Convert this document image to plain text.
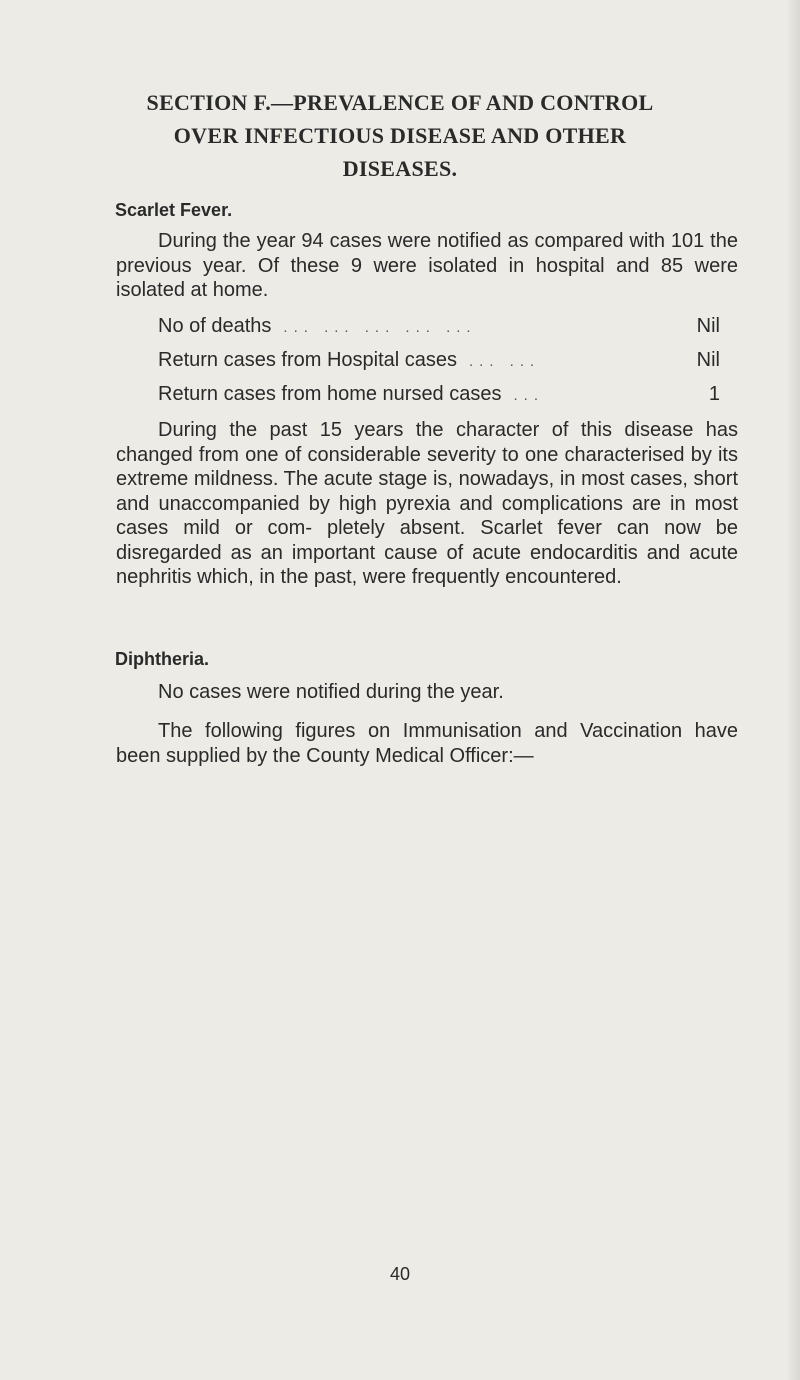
SECTION F.—PREVALENCE OF AND CONTROL
OVER INFECTIOUS DISEASE AND OTHER
DISEASES.
Scarlet Fever.

During the year 94 cases were notified as compared with 101 the previous year. Of these 9 were isolated in hospital and 85 were isolated at home.

No of deaths ... ... ... ... ...	Nil
Return cases from Hospital cases ... ...	Nil
Return cases from home nursed cases ...	1

During the past 15 years the character of this disease has changed from one of considerable severity to one characterised by its extreme mildness. The acute stage is, nowadays, in most cases, short and unaccompanied by high pyrexia and complications are in most cases mild or com- pletely absent. Scarlet fever can now be disregarded as an important cause of acute endocarditis and acute nephritis which, in the past, were frequently encountered.

Diphtheria.

No cases were notified during the year.

The following figures on Immunisation and Vaccination have been supplied by the County Medical Officer:—

40
